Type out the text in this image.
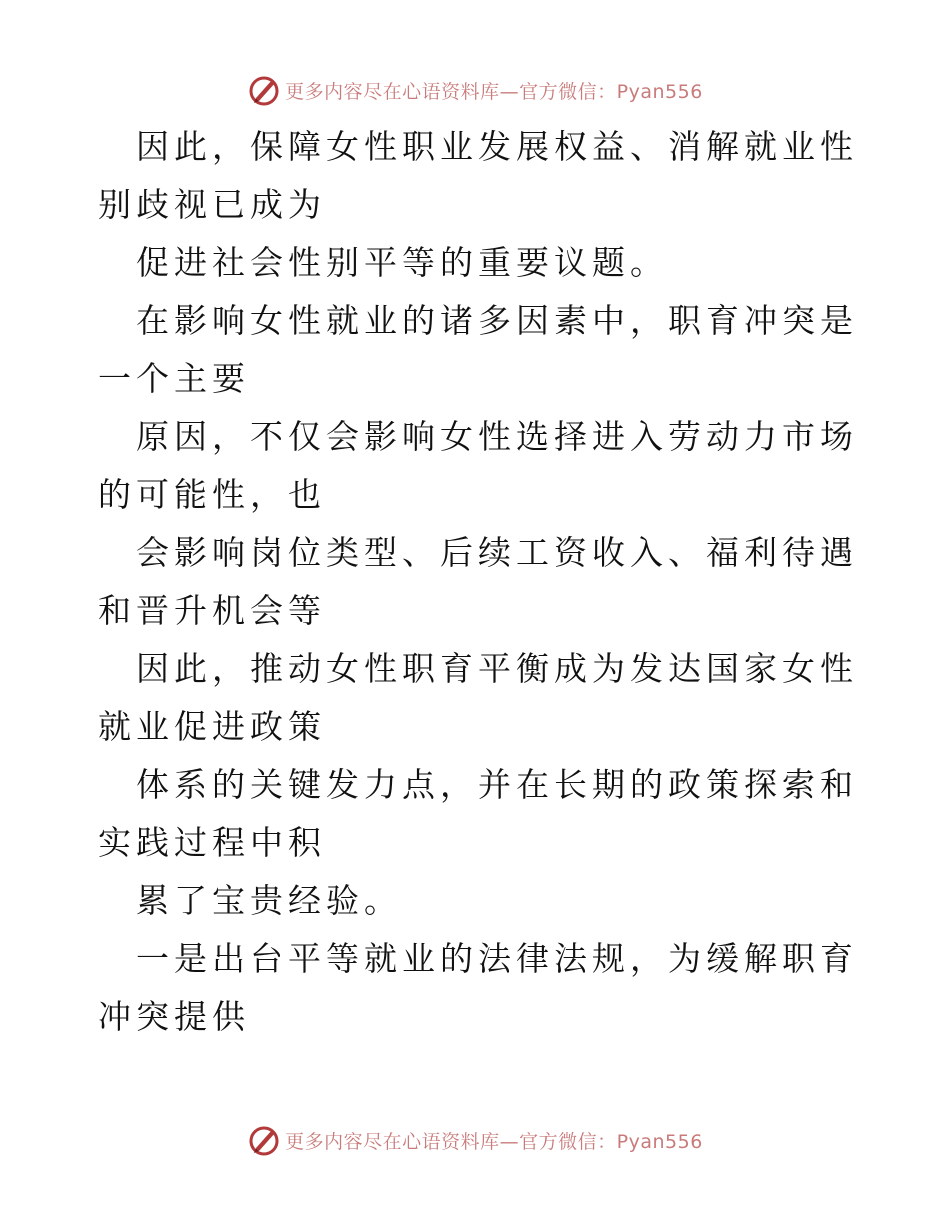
更多内容尽在心语资料库—官方微信：Pyan556

因此，保障女性职业发展权益、消解就业性别歧视已成为

促进社会性别平等的重要议题。

在影响女性就业的诸多因素中，职育冲突是一个主要

原因，不仅会影响女性选择进入劳动力市场的可能性，也

会影响岗位类型、后续工资收入、福利待遇和晋升机会等

因此，推动女性职育平衡成为发达国家女性就业促进政策

体系的关键发力点，并在长期的政策探索和实践过程中积

累了宝贵经验。

一是出台平等就业的法律法规，为缓解职育冲突提供

更多内容尽在心语资料库—官方微信：Pyan556
